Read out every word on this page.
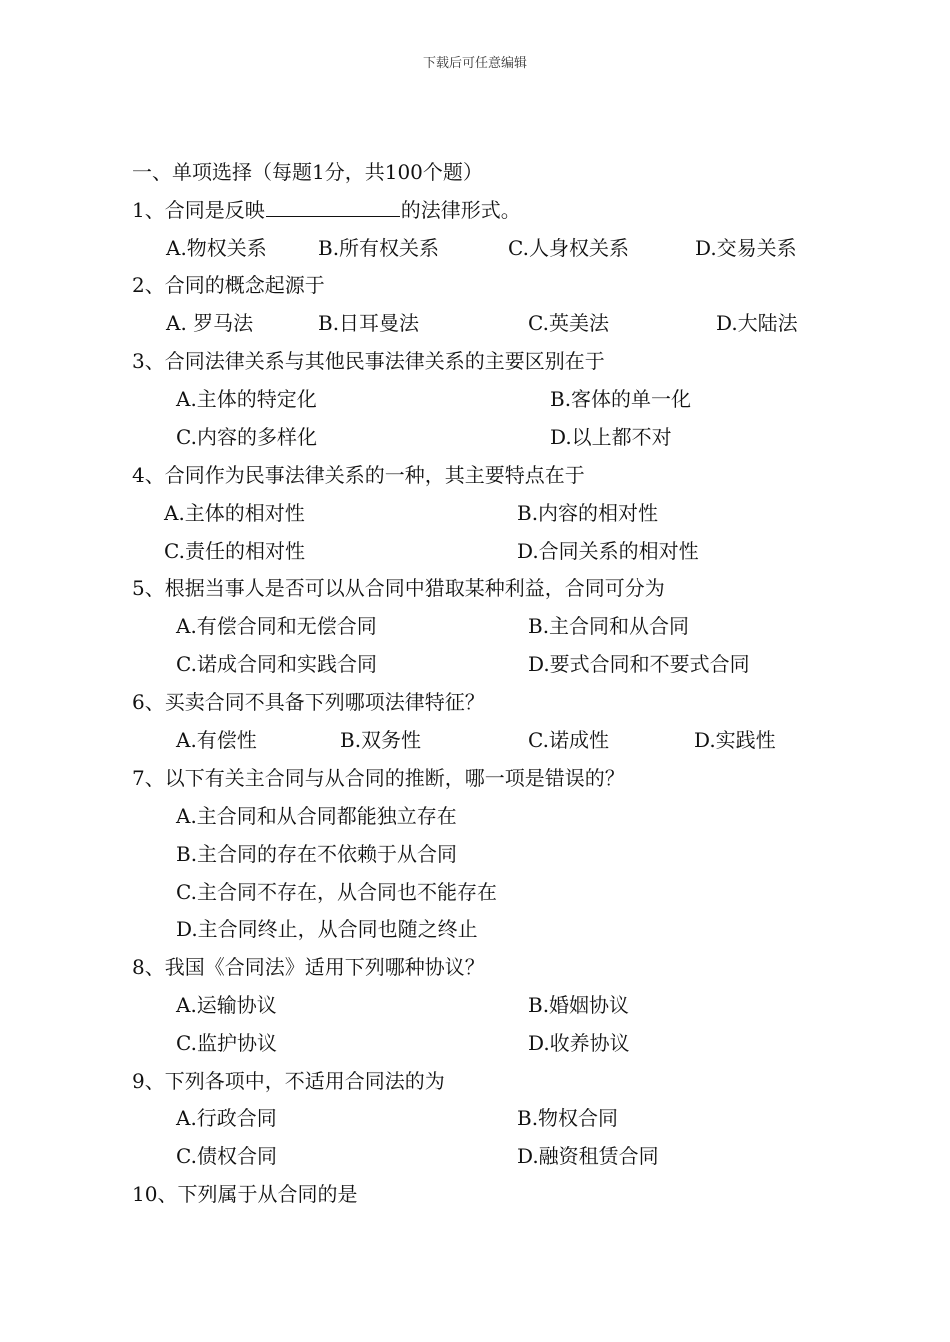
下载后可任意编辑
一、单项选择（每题1分，共100个题）
1、合同是反映	的法律形式。
A.物权关系	B.所有权关系	C.人身权关系	D.交易关系
2、合同的概念起源于
A. 罗马法	B.日耳曼法	C.英美法	D.大陆法
3、合同法律关系与其他民事法律关系的主要区别在于
A.主体的特定化	B.客体的单一化
C.内容的多样化	D.以上都不对
4、合同作为民事法律关系的一种，其主要特点在于
A.主体的相对性	B.内容的相对性
C.责任的相对性	D.合同关系的相对性
5、根据当事人是否可以从合同中猎取某种利益，合同可分为
A.有偿合同和无偿合同	B.主合同和从合同
C.诺成合同和实践合同	D.要式合同和不要式合同
6、买卖合同不具备下列哪项法律特征？
A.有偿性	B.双务性	C.诺成性	D.实践性
7、以下有关主合同与从合同的推断，哪一项是错误的？
A.主合同和从合同都能独立存在
B.主合同的存在不依赖于从合同
C.主合同不存在，从合同也不能存在
D.主合同终止，从合同也随之终止
8、我国《合同法》适用下列哪种协议？
A.运输协议	B.婚姻协议
C.监护协议	D.收养协议
9、下列各项中，不适用合同法的为
A.行政合同	B.物权合同
C.债权合同	D.融资租赁合同
10、下列属于从合同的是
